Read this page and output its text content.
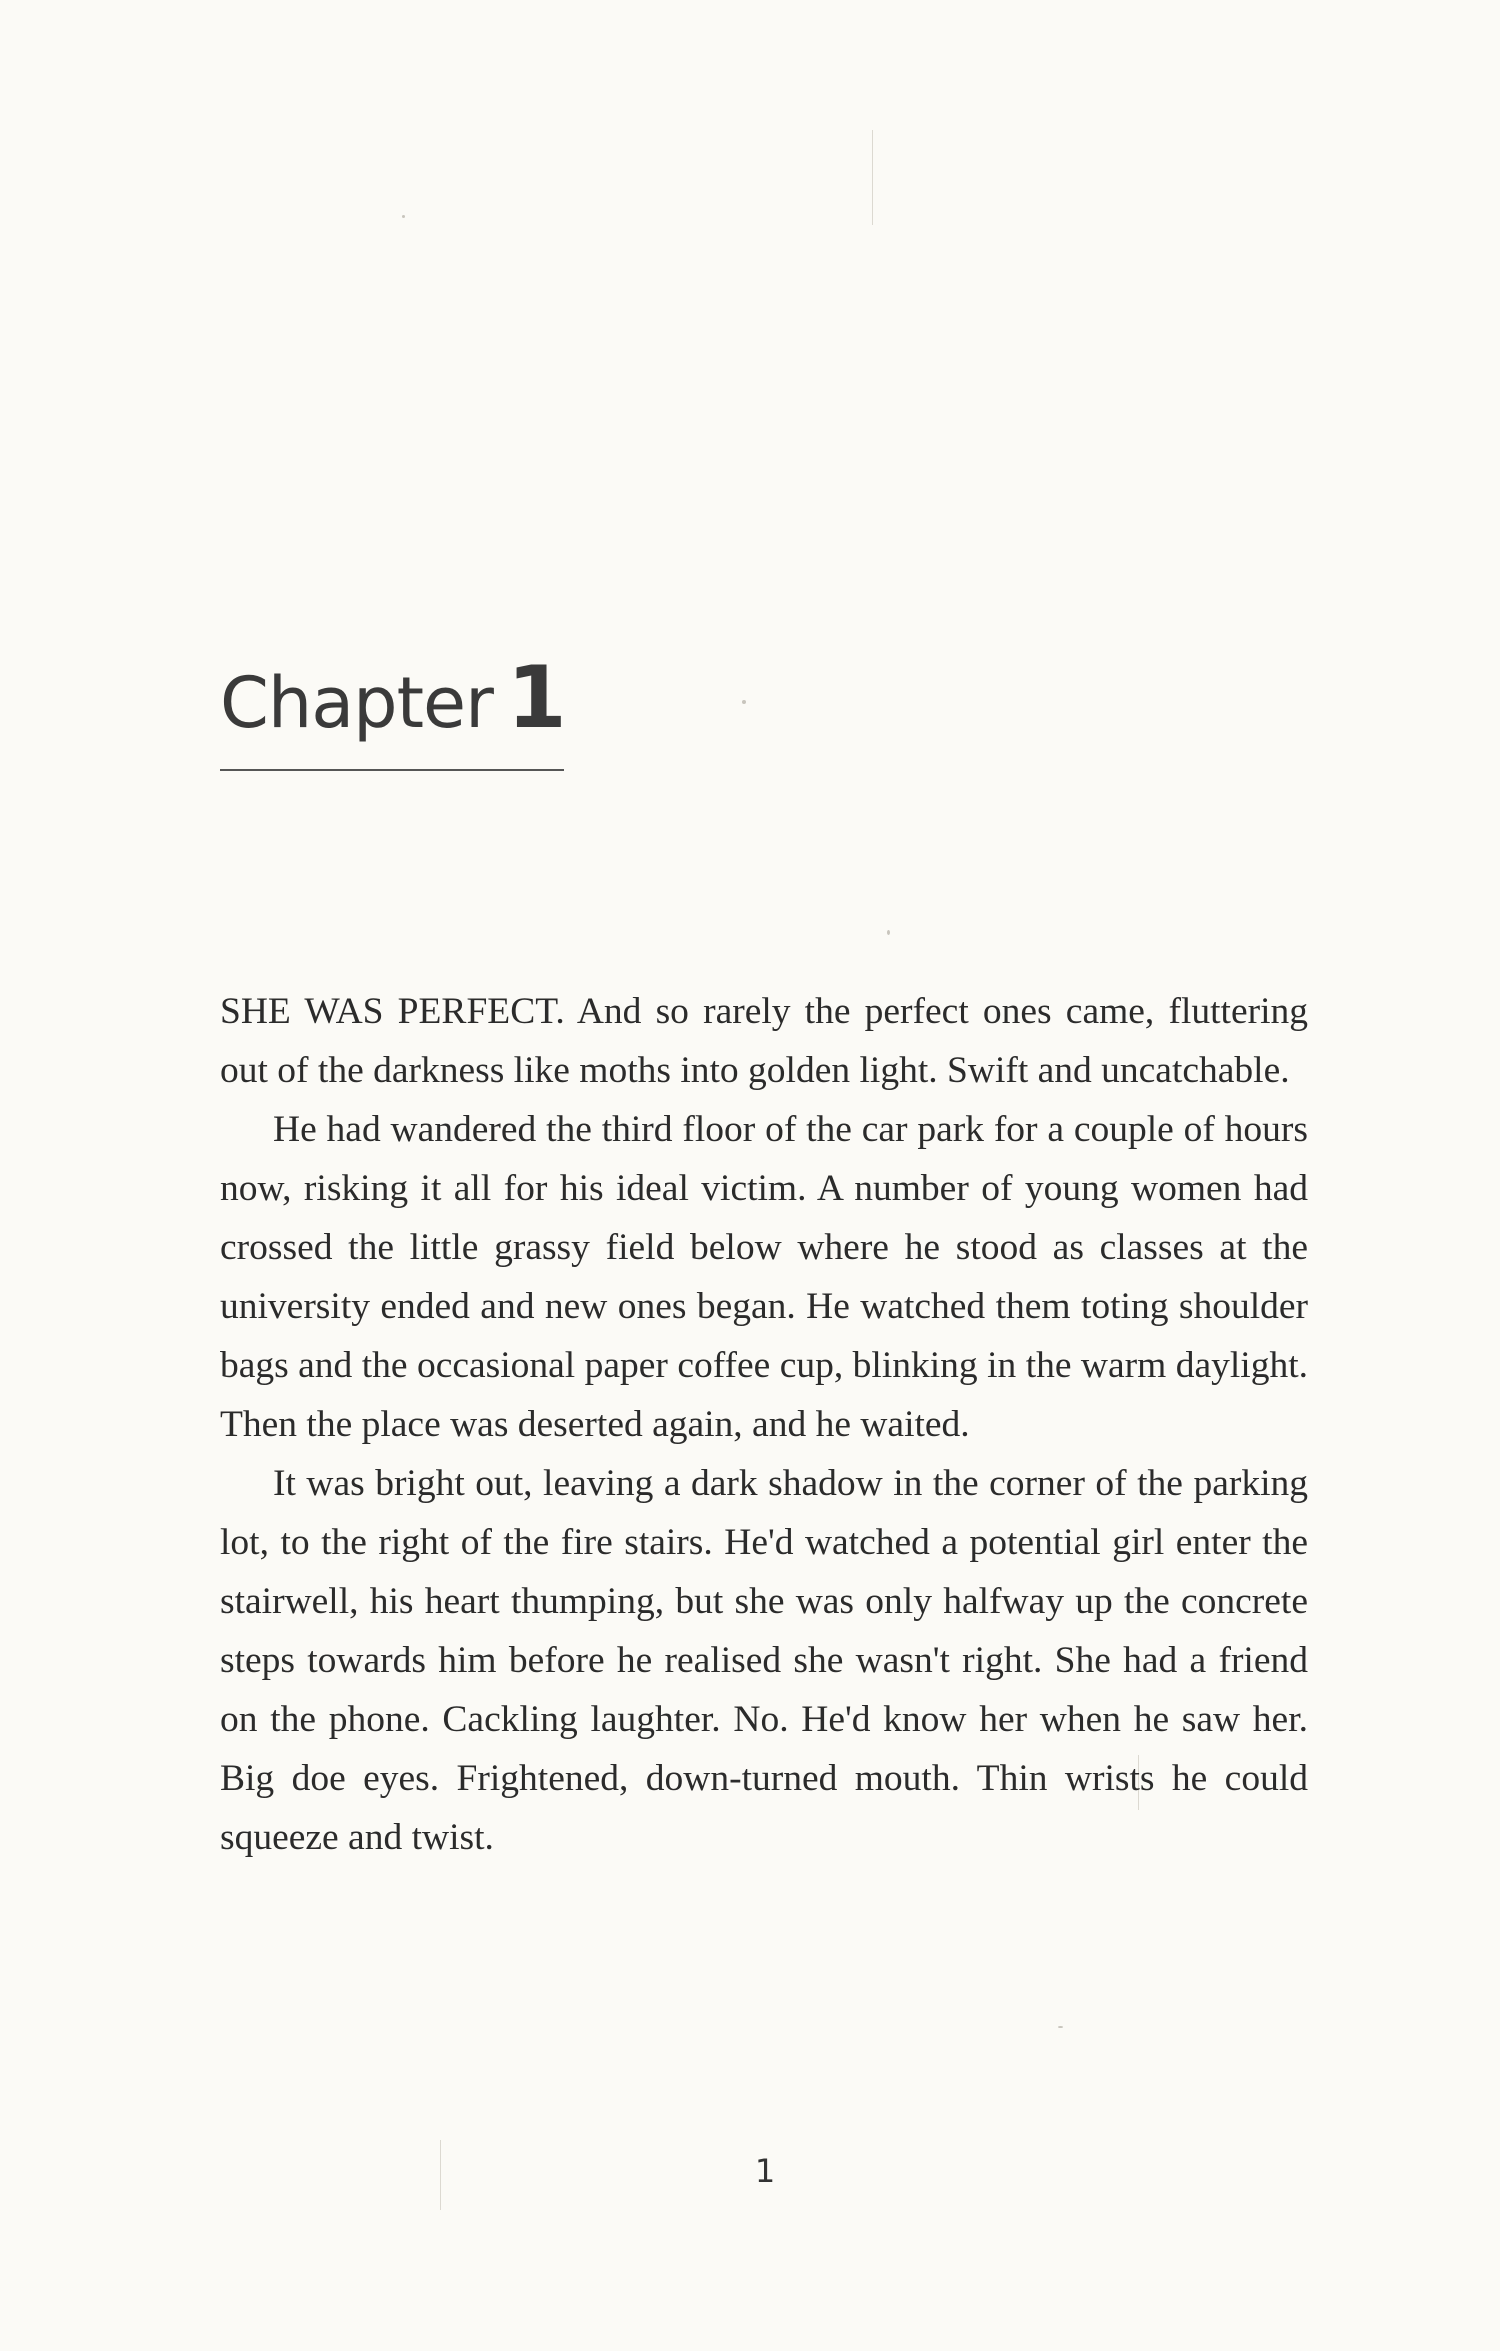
Chapter 1

SHE WAS PERFECT. And so rarely the perfect ones came, fluttering out of the darkness like moths into golden light. Swift and uncatchable.

He had wandered the third floor of the car park for a couple of hours now, risking it all for his ideal victim. A number of young women had crossed the little grassy field below where he stood as classes at the university ended and new ones began. He watched them toting shoulder bags and the occasional paper coffee cup, blinking in the warm daylight. Then the place was deserted again, and he waited.

It was bright out, leaving a dark shadow in the corner of the parking lot, to the right of the fire stairs. He'd watched a potential girl enter the stairwell, his heart thumping, but she was only halfway up the concrete steps towards him before he realised she wasn't right. She had a friend on the phone. Cackling laughter. No. He'd know her when he saw her. Big doe eyes. Frightened, down-turned mouth. Thin wrists he could squeeze and twist.

1
